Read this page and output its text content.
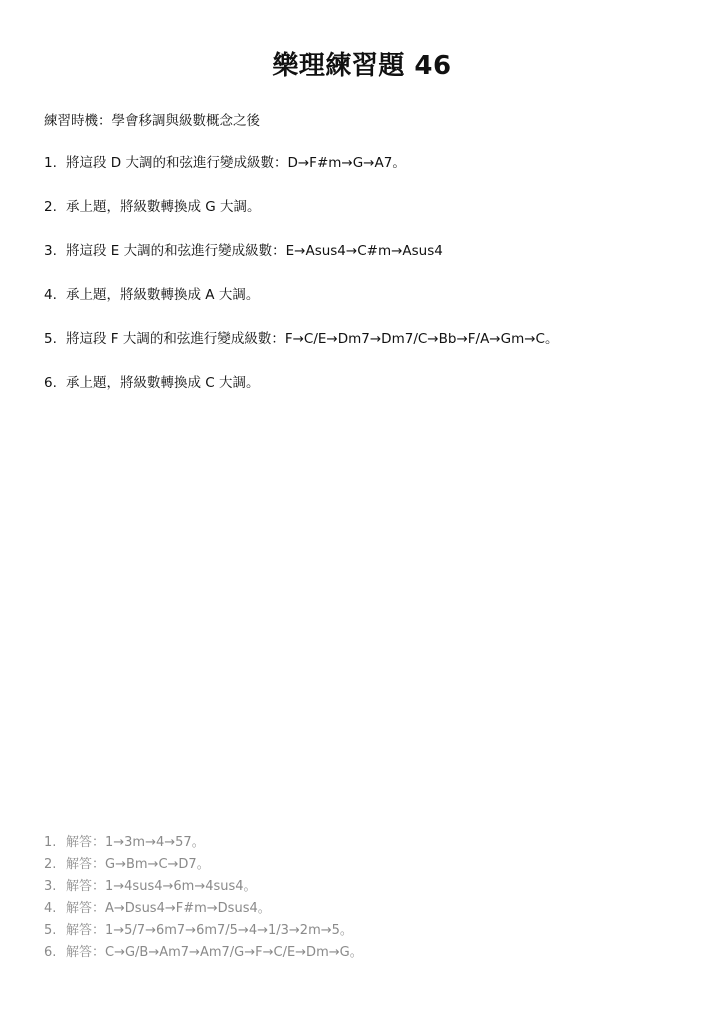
樂理練習題 46
練習時機：學會移調與級數概念之後
1. 將這段 D 大調的和弦進行變成級數：D→F#m→G→A7。
2. 承上題，將級數轉換成 G 大調。
3. 將這段 E 大調的和弦進行變成級數：E→Asus4→C#m→Asus4
4. 承上題，將級數轉換成 A 大調。
5. 將這段 F 大調的和弦進行變成級數：F→C/E→Dm7→Dm7/C→Bb→F/A→Gm→C。
6. 承上題，將級數轉換成 C 大調。
1. 解答：1→3m→4→57。
2. 解答：G→Bm→C→D7。
3. 解答：1→4sus4→6m→4sus4。
4. 解答：A→Dsus4→F#m→Dsus4。
5. 解答：1→5/7→6m7→6m7/5→4→1/3→2m→5。
6. 解答：C→G/B→Am7→Am7/G→F→C/E→Dm→G。
